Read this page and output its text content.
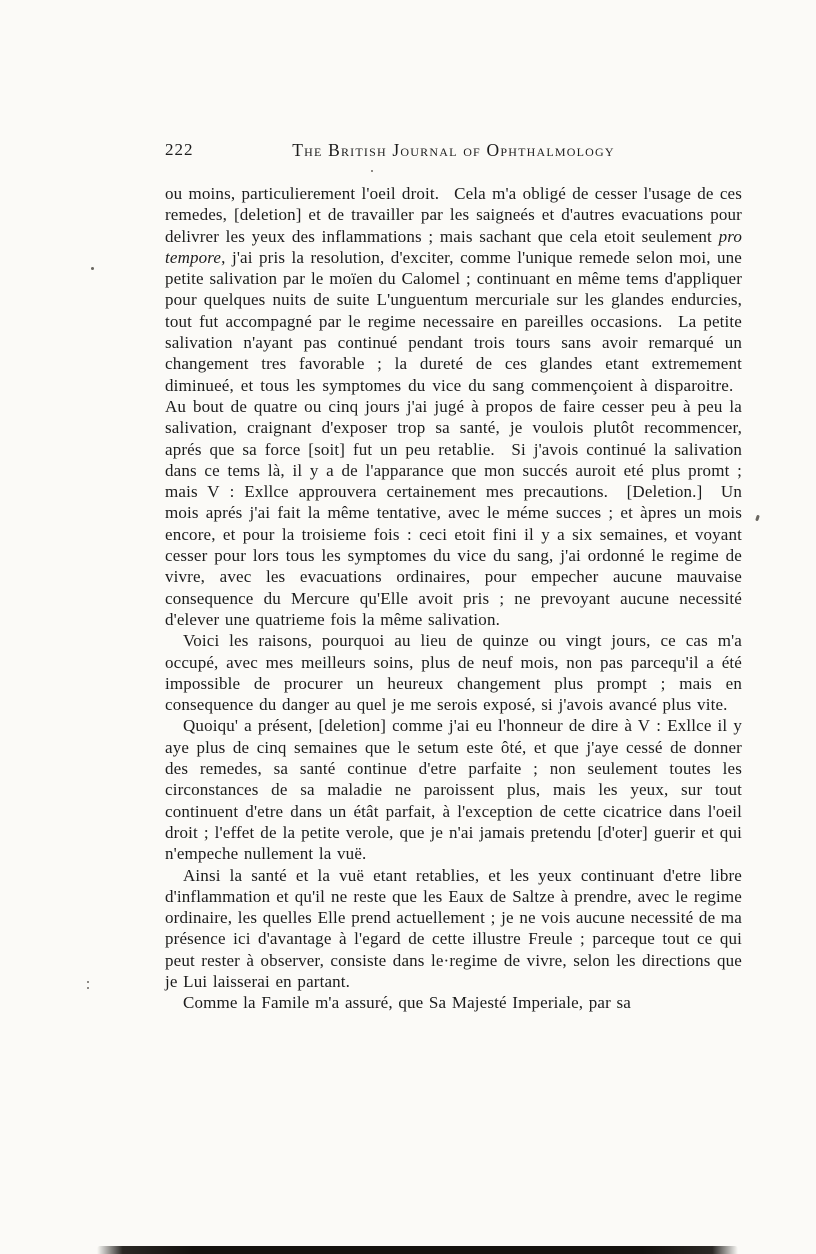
The British Journal of Ophthalmology
222

ou moins, particulierement l'oeil droit.  Cela m'a obligé de cesser l'usage de ces remedes, [deletion] et de travailler par les saigneés et d'autres evacuations pour delivrer les yeux des inflammations ; mais sachant que cela etoit seulement pro tempore, j'ai pris la resolution, d'exciter, comme l'unique remede selon moi, une petite salivation par le moïen du Calomel ; continuant en même tems d'appliquer pour quelques nuits de suite L'unguentum mercuriale sur les glandes endurcies, tout fut accompagné par le regime necessaire en pareilles occasions.  La petite salivation n'ayant pas continué pendant trois tours sans avoir remarqué un changement tres favorable ; la dureté de ces glandes etant extremement diminueé, et tous les symptomes du vice du sang commençoient à disparoitre.  Au bout de quatre ou cinq jours j'ai jugé à propos de faire cesser peu à peu la salivation, craignant d'exposer trop sa santé, je voulois plutôt recommencer, aprés que sa force [soit] fut un peu retablie.  Si j'avois continué la salivation dans ce tems là, il y a de l'apparance que mon succés auroit eté plus promt ; mais V : Exllce approuvera certainement mes precautions.  [Deletion.]  Un mois aprés j'ai fait la même tentative, avec le méme succes ; et àpres un mois encore, et pour la troisieme fois : ceci etoit fini il y a six semaines, et voyant cesser pour lors tous les symptomes du vice du sang, j'ai ordonné le regime de vivre, avec les evacuations ordinaires, pour empecher aucune mauvaise consequence du Mercure qu'Elle avoit pris ; ne prevoyant aucune necessité d'elever une quatrieme fois la même salivation.

Voici les raisons, pourquoi au lieu de quinze ou vingt jours, ce cas m'a occupé, avec mes meilleurs soins, plus de neuf mois, non pas parcequ'il a été impossible de procurer un heureux changement plus prompt ; mais en consequence du danger au quel je me serois exposé, si j'avois avancé plus vite.

Quoiqu' a présent, [deletion] comme j'ai eu l'honneur de dire à V : Exllce il y aye plus de cinq semaines que le setum este ôté, et que j'aye cessé de donner des remedes, sa santé continue d'etre parfaite ; non seulement toutes les circonstances de sa maladie ne paroissent plus, mais les yeux, sur tout continuent d'etre dans un étât parfait, à l'exception de cette cicatrice dans l'oeil droit ; l'effet de la petite verole, que je n'ai jamais pretendu [d'oter] guerir et qui n'empeche nullement la vuë.

Ainsi la santé et la vuë etant retablies, et les yeux continuant d'etre libre d'inflammation et qu'il ne reste que les Eaux de Saltze à prendre, avec le regime ordinaire, les quelles Elle prend actuellement ; je ne vois aucune necessité de ma présence ici d'avantage à l'egard de cette illustre Freule ; parceque tout ce qui peut rester à observer, consiste dans le·regime de vivre, selon les directions que je Lui laisserai en partant.

Comme la Famile m'a assuré, que Sa Majesté Imperiale, par sa
